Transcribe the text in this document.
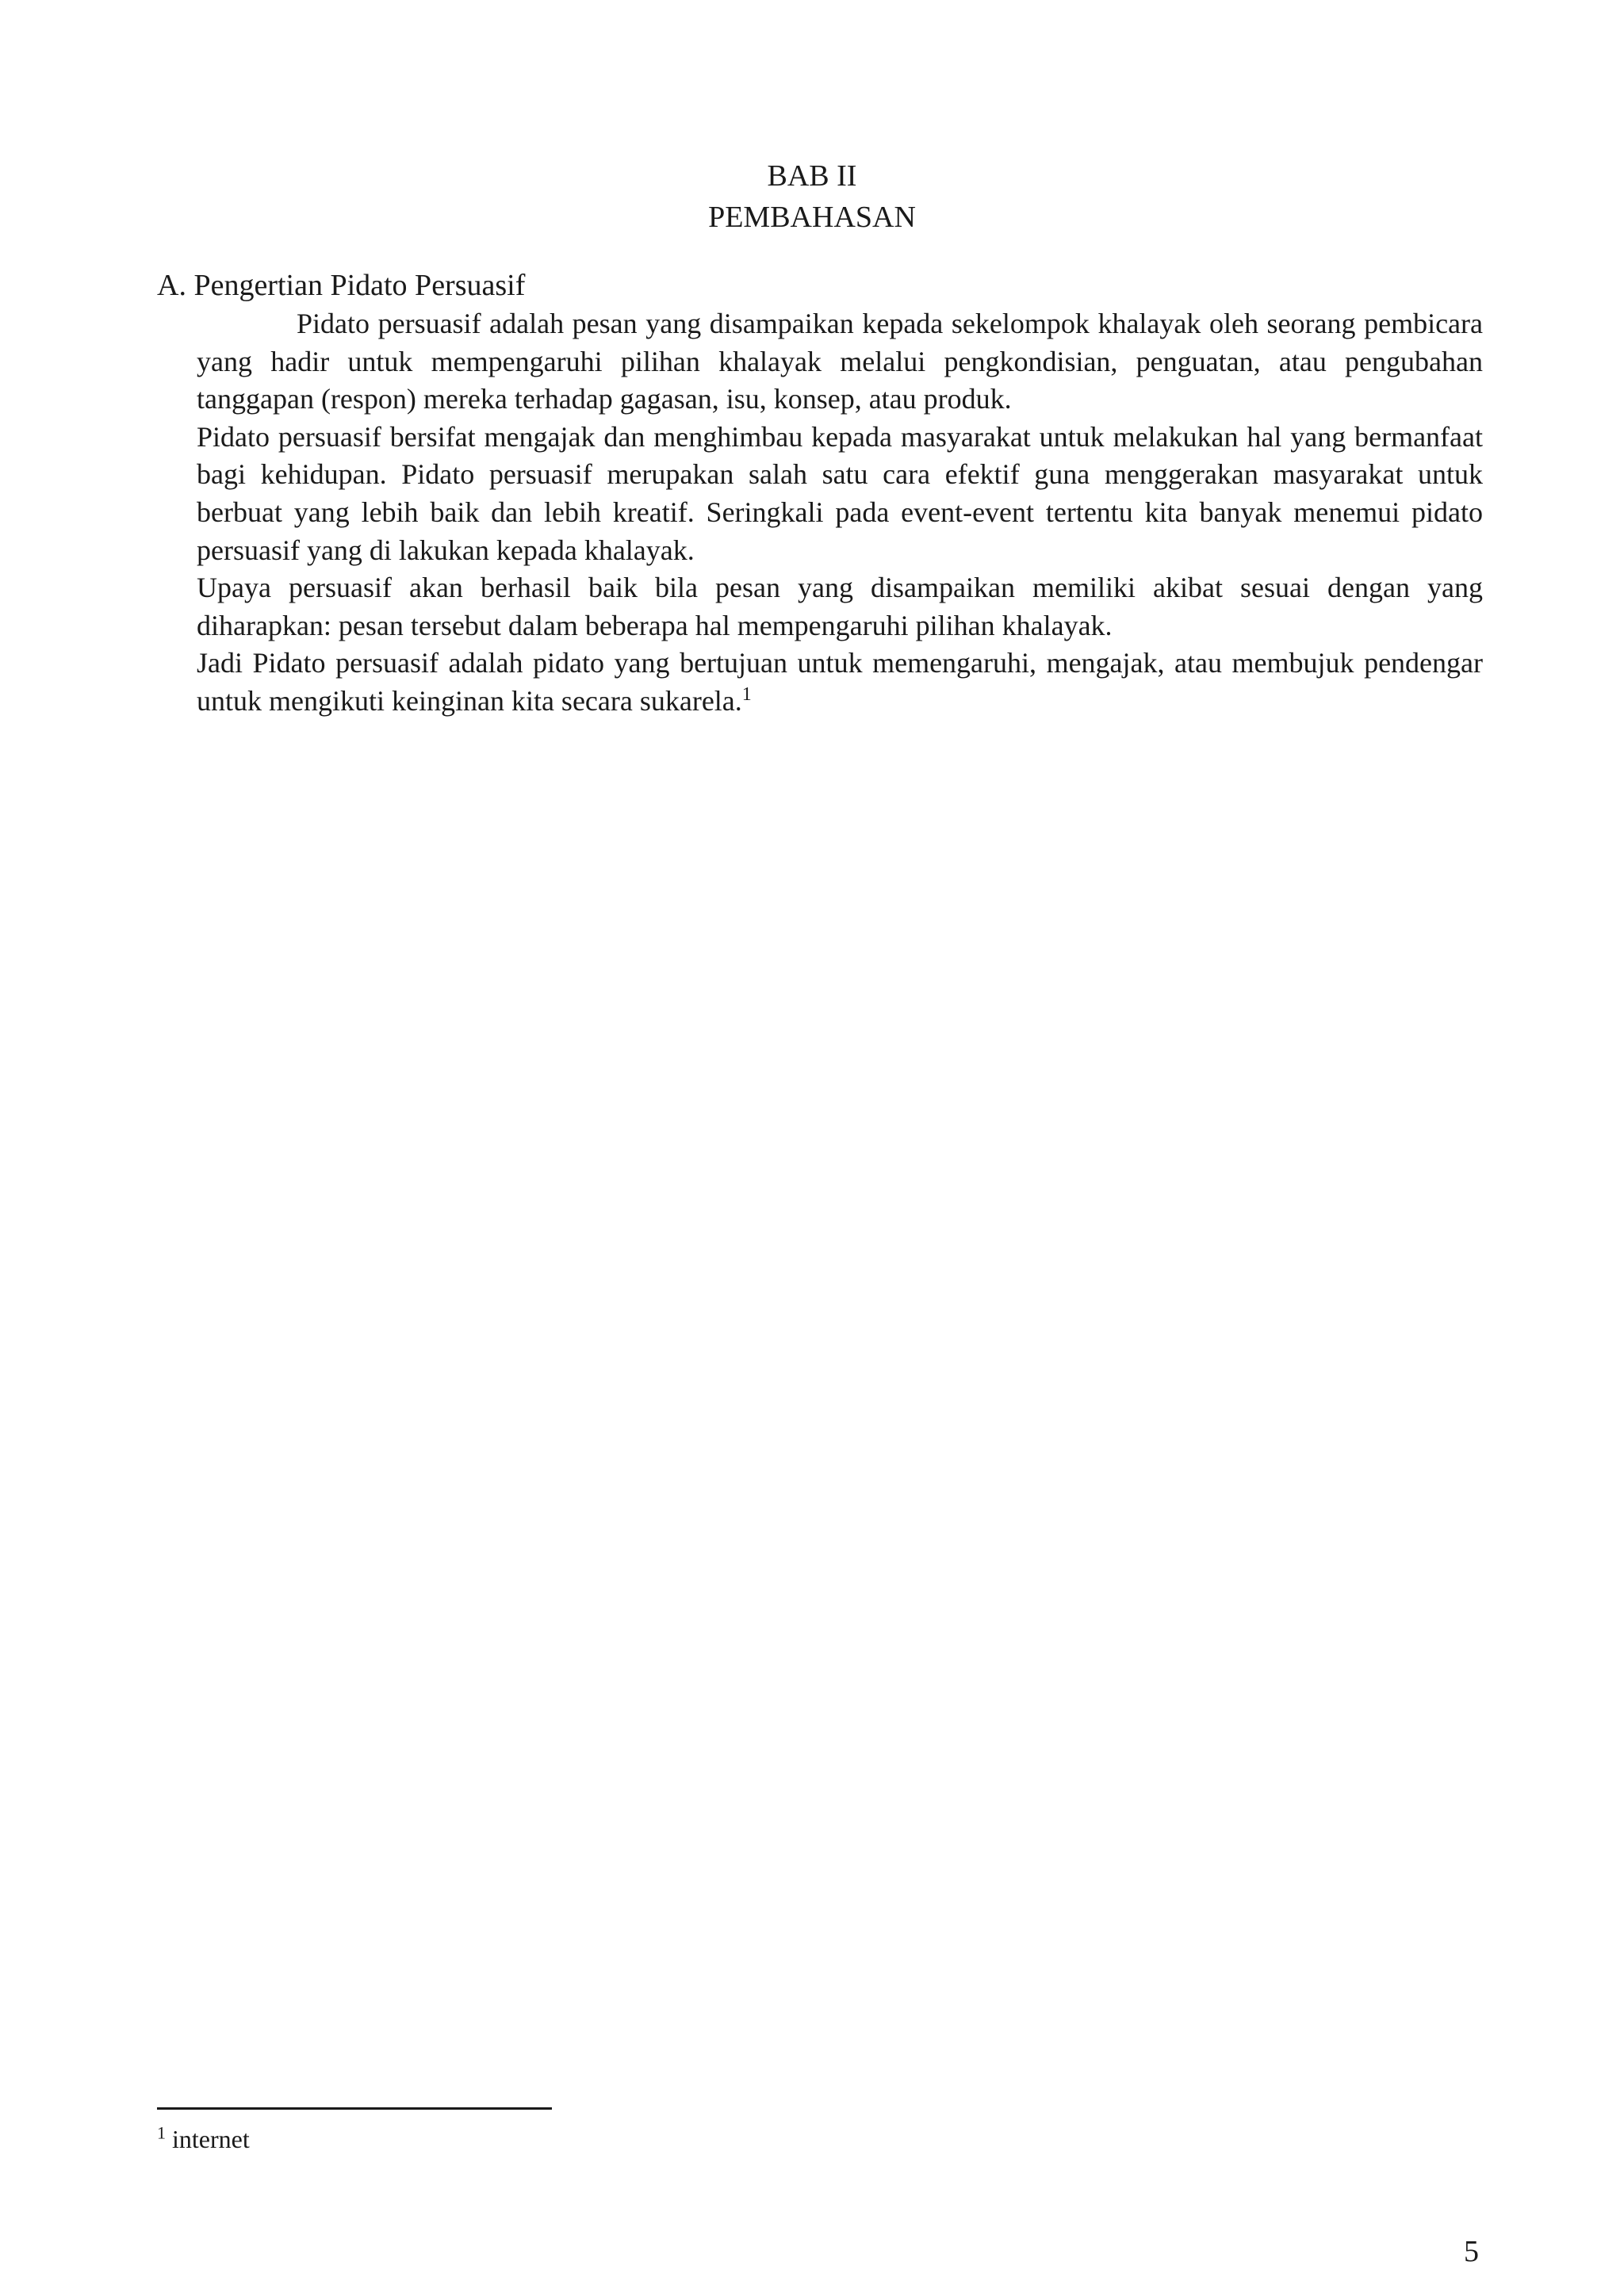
BAB II
PEMBAHASAN
A. Pengertian Pidato Persuasif

Pidato persuasif adalah pesan yang disampaikan kepada sekelompok khalayak oleh seorang pembicara yang hadir untuk mempengaruhi pilihan khalayak melalui pengkondisian, penguatan, atau pengubahan tanggapan (respon) mereka terhadap gagasan, isu, konsep, atau produk.

Pidato persuasif bersifat mengajak dan menghimbau kepada masyarakat untuk melakukan hal yang bermanfaat bagi kehidupan. Pidato persuasif merupakan salah satu cara efektif guna menggerakan masyarakat untuk berbuat yang lebih baik dan lebih kreatif. Seringkali pada event-event tertentu kita banyak menemui pidato persuasif yang di lakukan kepada khalayak.

Upaya persuasif akan berhasil baik bila pesan yang disampaikan memiliki akibat sesuai dengan yang diharapkan: pesan tersebut dalam beberapa hal mempengaruhi pilihan khalayak.

Jadi Pidato persuasif adalah pidato yang bertujuan untuk memengaruhi, mengajak, atau membujuk pendengar untuk mengikuti keinginan kita secara sukarela.$^1$

$^1$ internet
5
